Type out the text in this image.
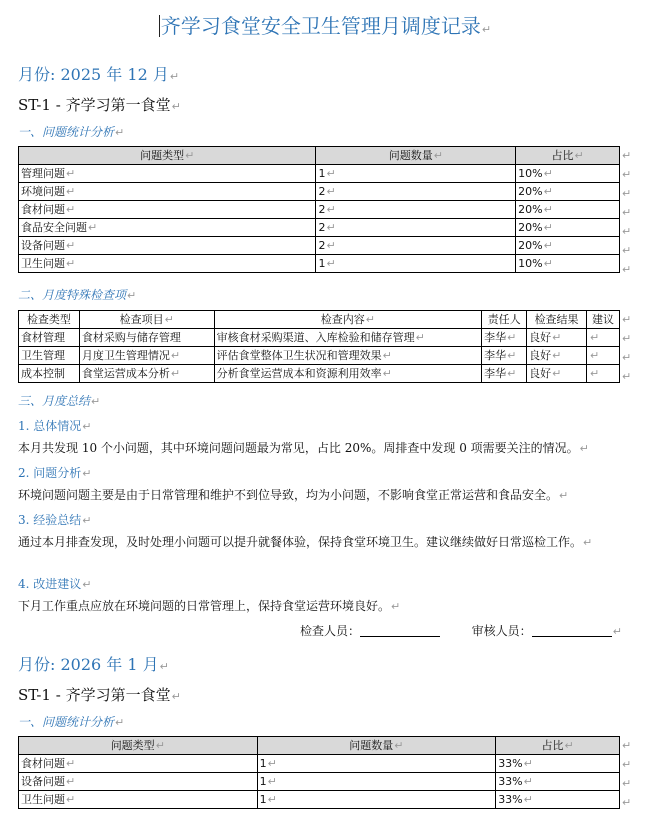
齐学习食堂安全卫生管理月调度记录↵
月份: 2025 年 12 月↵
ST-1 - 齐学习第一食堂↵
一、问题统计分析↵
问题类型↵	问题数量↵	占比↵
管理问题↵	1↵	10%↵
环境问题↵	2↵	20%↵
食材问题↵	2↵	20%↵
食品安全问题↵	2↵	20%↵
设备问题↵	2↵	20%↵
卫生问题↵	1↵	10%↵
↵
↵
↵
↵
↵
↵
↵
二、月度特殊检查项↵
检查类型	检查项目↵	检查内容↵	责任人	检查结果	建议
食材管理	食材采购与储存管理	审核食材采购渠道、入库检验和储存管理↵	李华↵	良好↵	↵
卫生管理	月度卫生管理情况↵	评估食堂整体卫生状况和管理效果↵	李华↵	良好↵	↵
成本控制	食堂运营成本分析↵	分析食堂运营成本和资源利用效率↵	李华↵	良好↵	↵
↵
↵
↵
↵
三、月度总结↵
1. 总体情况↵
本月共发现 10 个小问题，其中环境问题问题最为常见，占比 20%。周排查中发现 0 项需要关注的情况。↵
2. 问题分析↵
环境问题问题主要是由于日常管理和维护不到位导致，均为小问题，不影响食堂正常运营和食品安全。↵
3. 经验总结↵
通过本月排查发现，及时处理小问题可以提升就餐体验，保持食堂环境卫生。建议继续做好日常巡检工作。↵
4. 改进建议↵
下月工作重点应放在环境问题的日常管理上，保持食堂运营环境良好。↵
检查人员：	审核人员：	↵
月份: 2026 年 1 月↵
ST-1 - 齐学习第一食堂↵
一、问题统计分析↵
问题类型↵	问题数量↵	占比↵
食材问题↵	1↵	33%↵
设备问题↵	1↵	33%↵
卫生问题↵	1↵	33%↵
↵
↵
↵
↵
